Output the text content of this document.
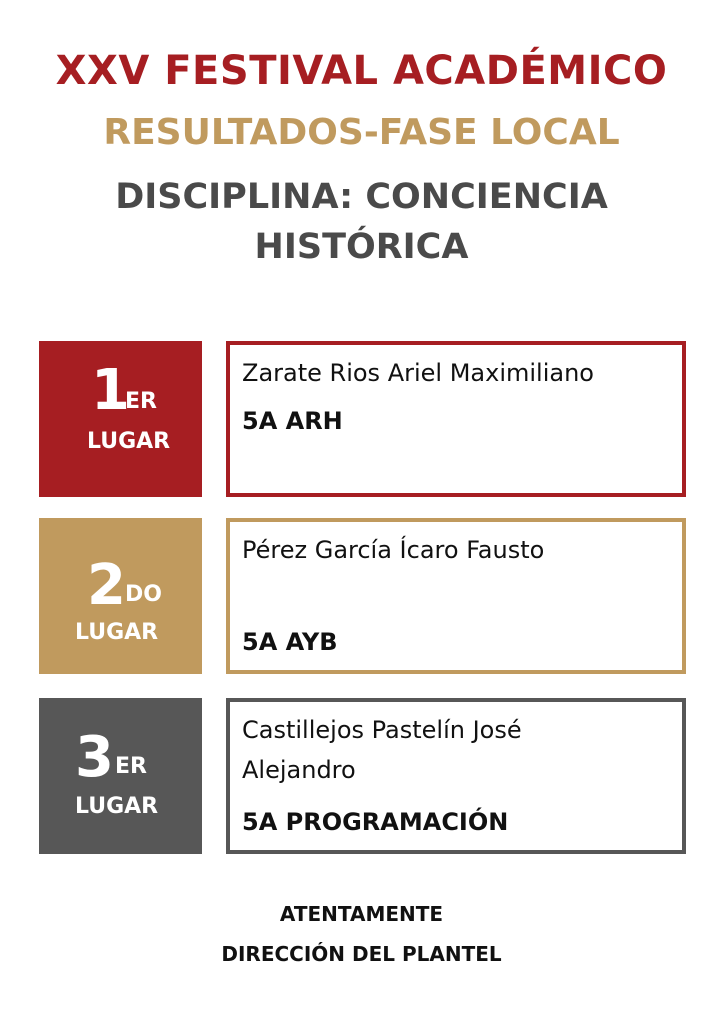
XXV FESTIVAL ACADÉMICO
RESULTADOS-FASE LOCAL
DISCIPLINA: CONCIENCIA
HISTÓRICA
1
ER
LUGAR
Zarate Rios Ariel Maximiliano
5A ARH
2 DO
LUGAR
Pérez García Ícaro Fausto
5A AYB
3 ER
LUGAR
Castillejos Pastelín José Alejandro
5A PROGRAMACIÓN
ATENTAMENTE
DIRECCIÓN DEL PLANTEL
